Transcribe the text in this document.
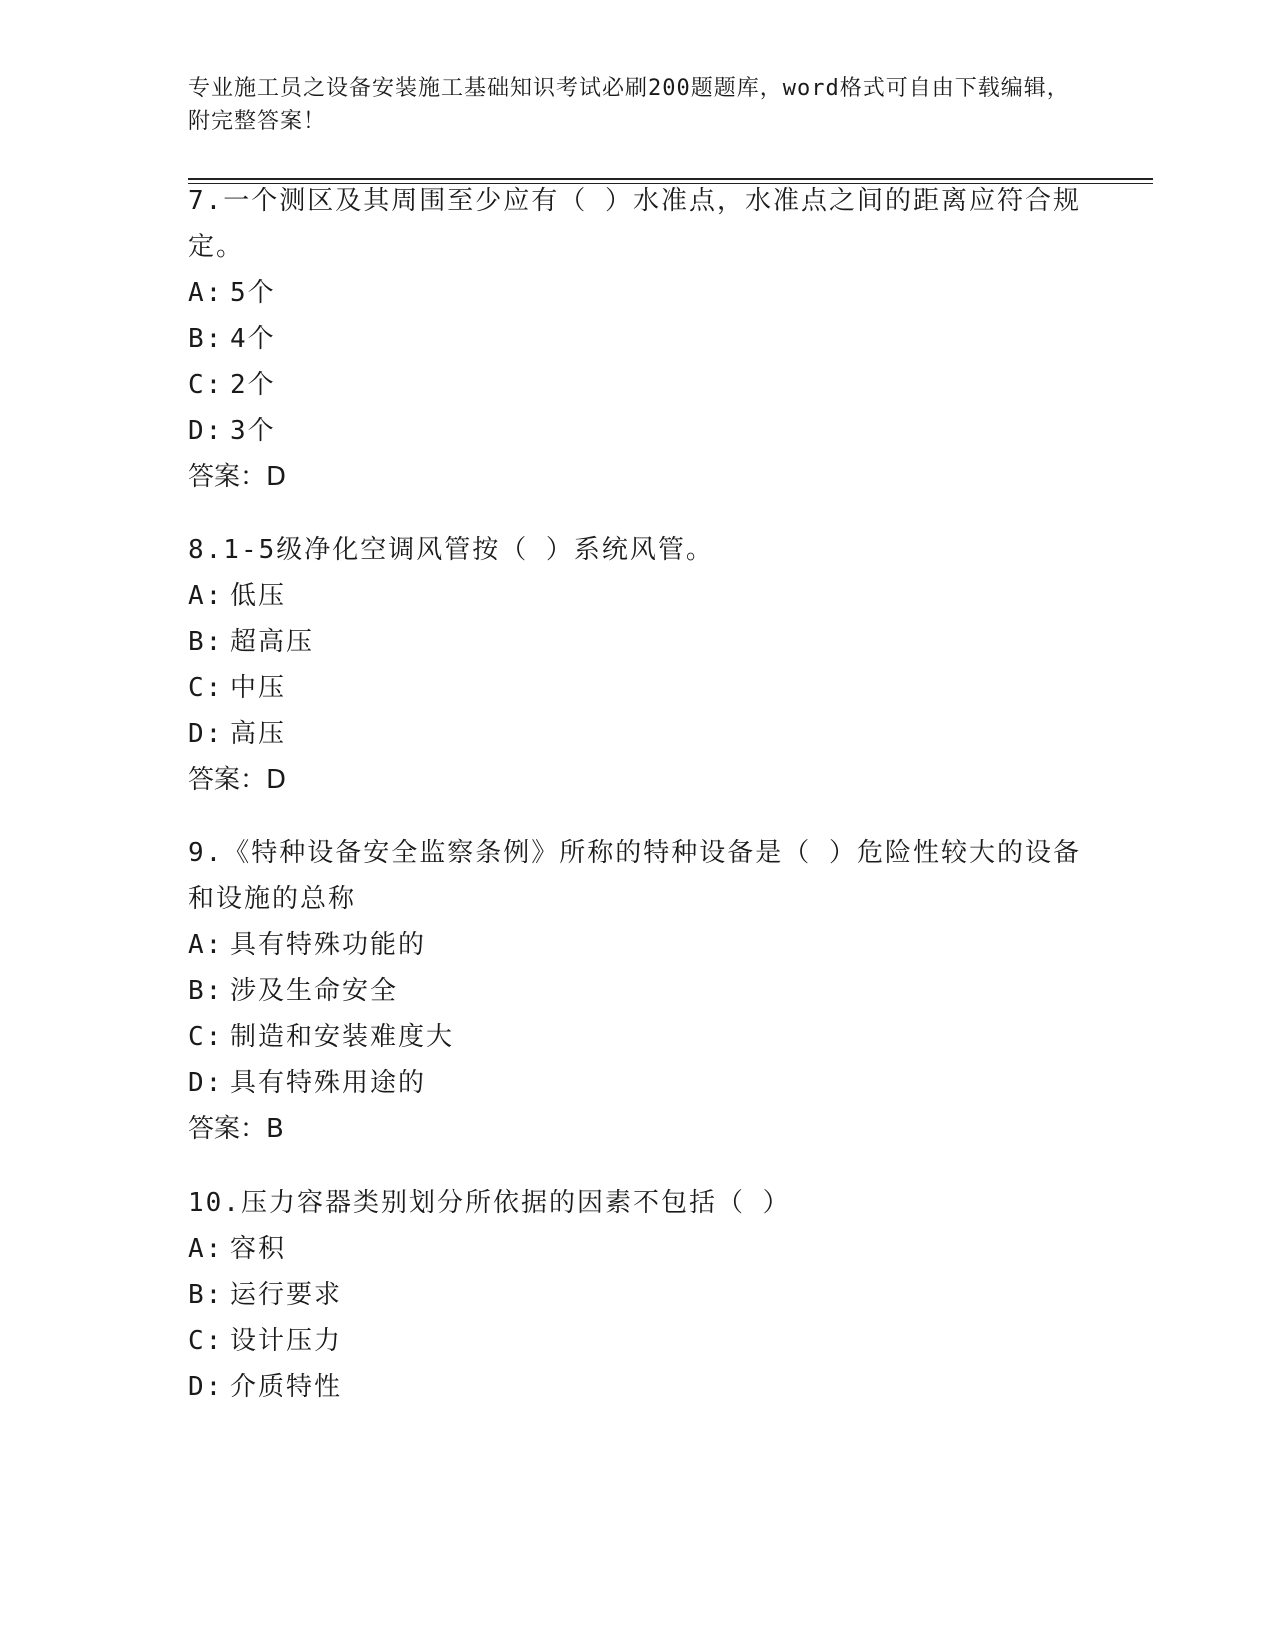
专业施工员之设备安装施工基础知识考试必刷200题题库，word格式可自由下载编辑，附完整答案！
7.一个测区及其周围至少应有（ ）水准点，水准点之间的距离应符合规定。
A: 5个
B: 4个
C: 2个
D: 3个
答案：D
8.1-5级净化空调风管按（ ）系统风管。
A: 低压
B: 超高压
C: 中压
D: 高压
答案：D
9.《特种设备安全监察条例》所称的特种设备是（ ）危险性较大的设备和设施的总称
A: 具有特殊功能的
B: 涉及生命安全
C: 制造和安装难度大
D: 具有特殊用途的
答案：B
10.压力容器类别划分所依据的因素不包括（ ）
A: 容积
B: 运行要求
C: 设计压力
D: 介质特性
